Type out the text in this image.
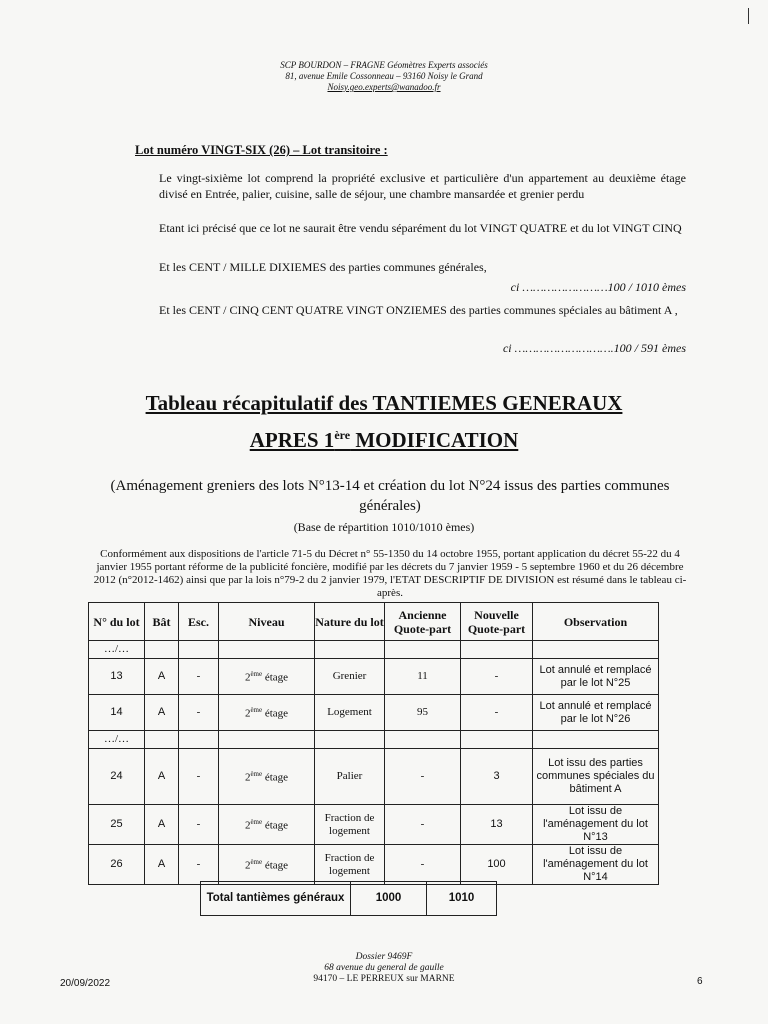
SCP BOURDON – FRAGNE Géomètres Experts associés
81, avenue Emile Cossonneau – 93160 Noisy le Grand
Noisy.geo.experts@wanadoo.fr
Lot numéro VINGT-SIX (26) – Lot transitoire :
Le vingt-sixième lot comprend la propriété exclusive et particulière d'un appartement au deuxième étage divisé en Entrée, palier, cuisine, salle de séjour, une chambre mansardée et grenier perdu
Etant ici précisé que ce lot ne saurait être vendu séparément du lot VINGT QUATRE et du lot VINGT CINQ
Et les CENT / MILLE DIXIEMES des parties communes générales,
ci ……………………100 / 1010 èmes
Et les CENT / CINQ CENT QUATRE VINGT ONZIEMES des parties communes spéciales au bâtiment A ,
ci ……………………….100 / 591 èmes
Tableau récapitulatif des TANTIEMES GENERAUX
APRES 1ère MODIFICATION
(Aménagement greniers des lots N°13-14 et création du lot N°24 issus des parties communes générales)
(Base de répartition 1010/1010 èmes)
Conformément aux dispositions de l'article 71-5 du Décret n° 55-1350 du 14 octobre 1955, portant application du décret 55-22 du 4 janvier 1955 portant réforme de la publicité foncière, modifié par les décrets du 7 janvier 1959 - 5 septembre 1960 et du 26 décembre 2012 (n°2012-1462) ainsi que par la lois n°79-2 du 2 janvier 1979, l'ETAT DESCRIPTIF DE DIVISION est résumé dans le tableau ci-après.
N° du lot	Bât	Esc.	Niveau	Nature du lot	Ancienne Quote-part	Nouvelle Quote-part	Observation
…/…							
13	A	-	2ème étage	Grenier	11	-	Lot annulé et remplacé par le lot N°25
14	A	-	2ème étage	Logement	95	-	Lot annulé et remplacé par le lot N°26
…/…							
24	A	-	2ème étage	Palier	-	3	Lot issu des parties communes spéciales du bâtiment A
25	A	-	2ème étage	Fraction de logement	-	13	Lot issu de l'aménagement du lot N°13
26	A	-	2ème étage	Fraction de logement	-	100	Lot issu de l'aménagement du lot N°14
Total tantièmes généraux	1000	1010
Dossier 9469F
68 avenue du general de gaulle
94170 – LE PERREUX sur MARNE
20/09/2022	6
